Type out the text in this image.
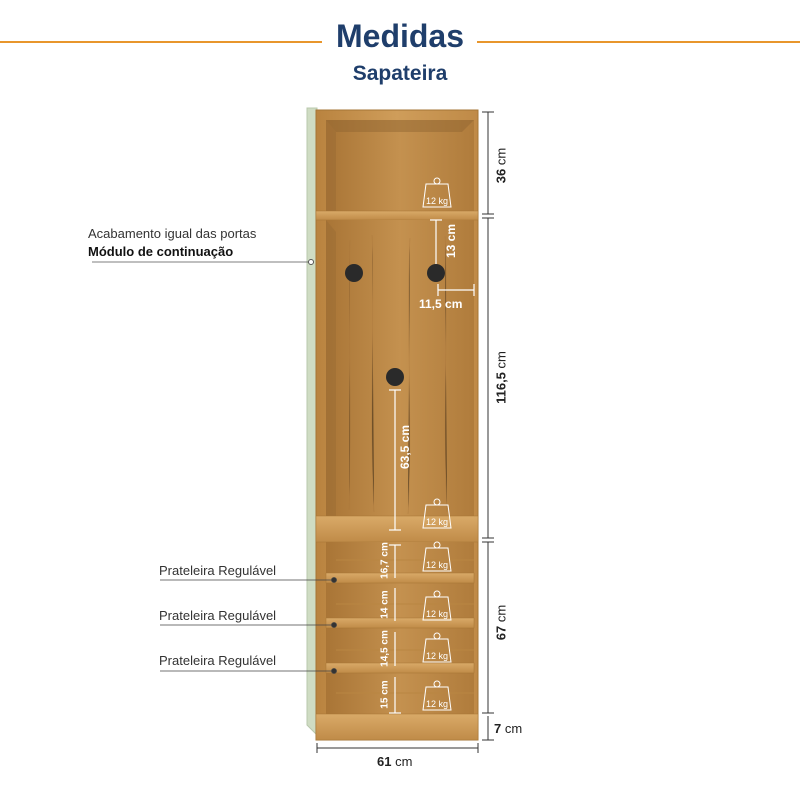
Medidas
Sapateira
Acabamento igual das portas
Módulo de continuação
Prateleira Regulável
Prateleira Regulável
Prateleira Regulável
36 cm
116,5 cm
67 cm
7 cm
61 cm
13 cm
11,5 cm
63,5 cm
16,7 cm
14 cm
14,5 cm
15 cm
12 kg
12 kg
12 kg
12 kg
12 kg
12 kg
